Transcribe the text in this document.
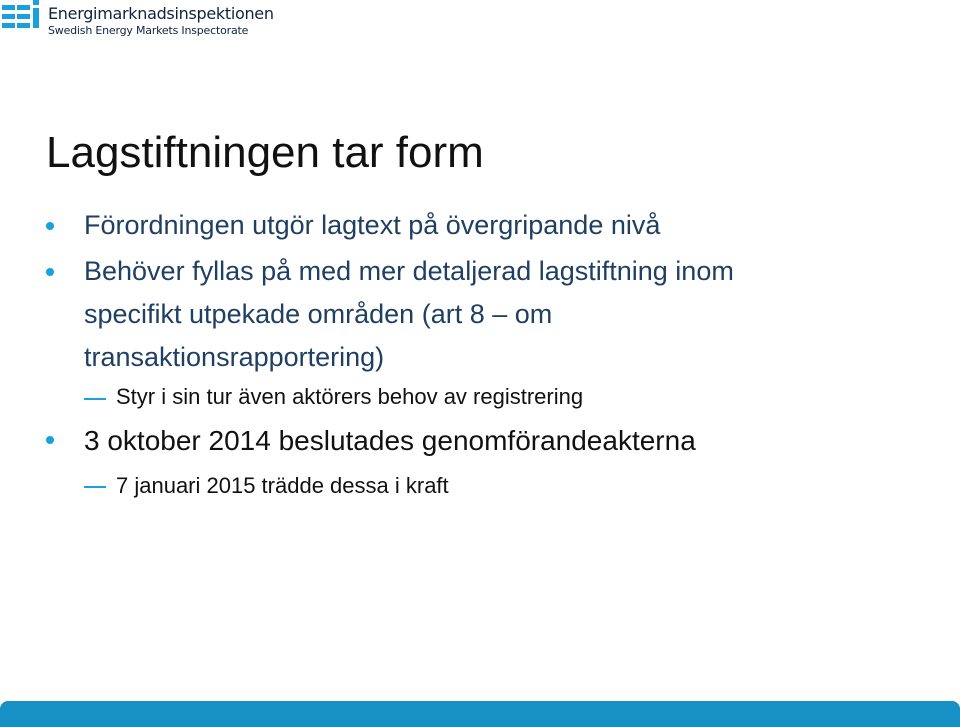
Energimarknadsinspektionen
Swedish Energy Markets Inspectorate
Lagstiftningen tar form
Förordningen utgör lagtext på övergripande nivå
Behöver fyllas på med mer detaljerad lagstiftning inom
specifikt utpekade områden (art 8 – om
transaktionsrapportering)
Styr i sin tur även aktörers behov av registrering
3 oktober 2014 beslutades genomförandeakterna
7 januari 2015 trädde dessa i kraft
